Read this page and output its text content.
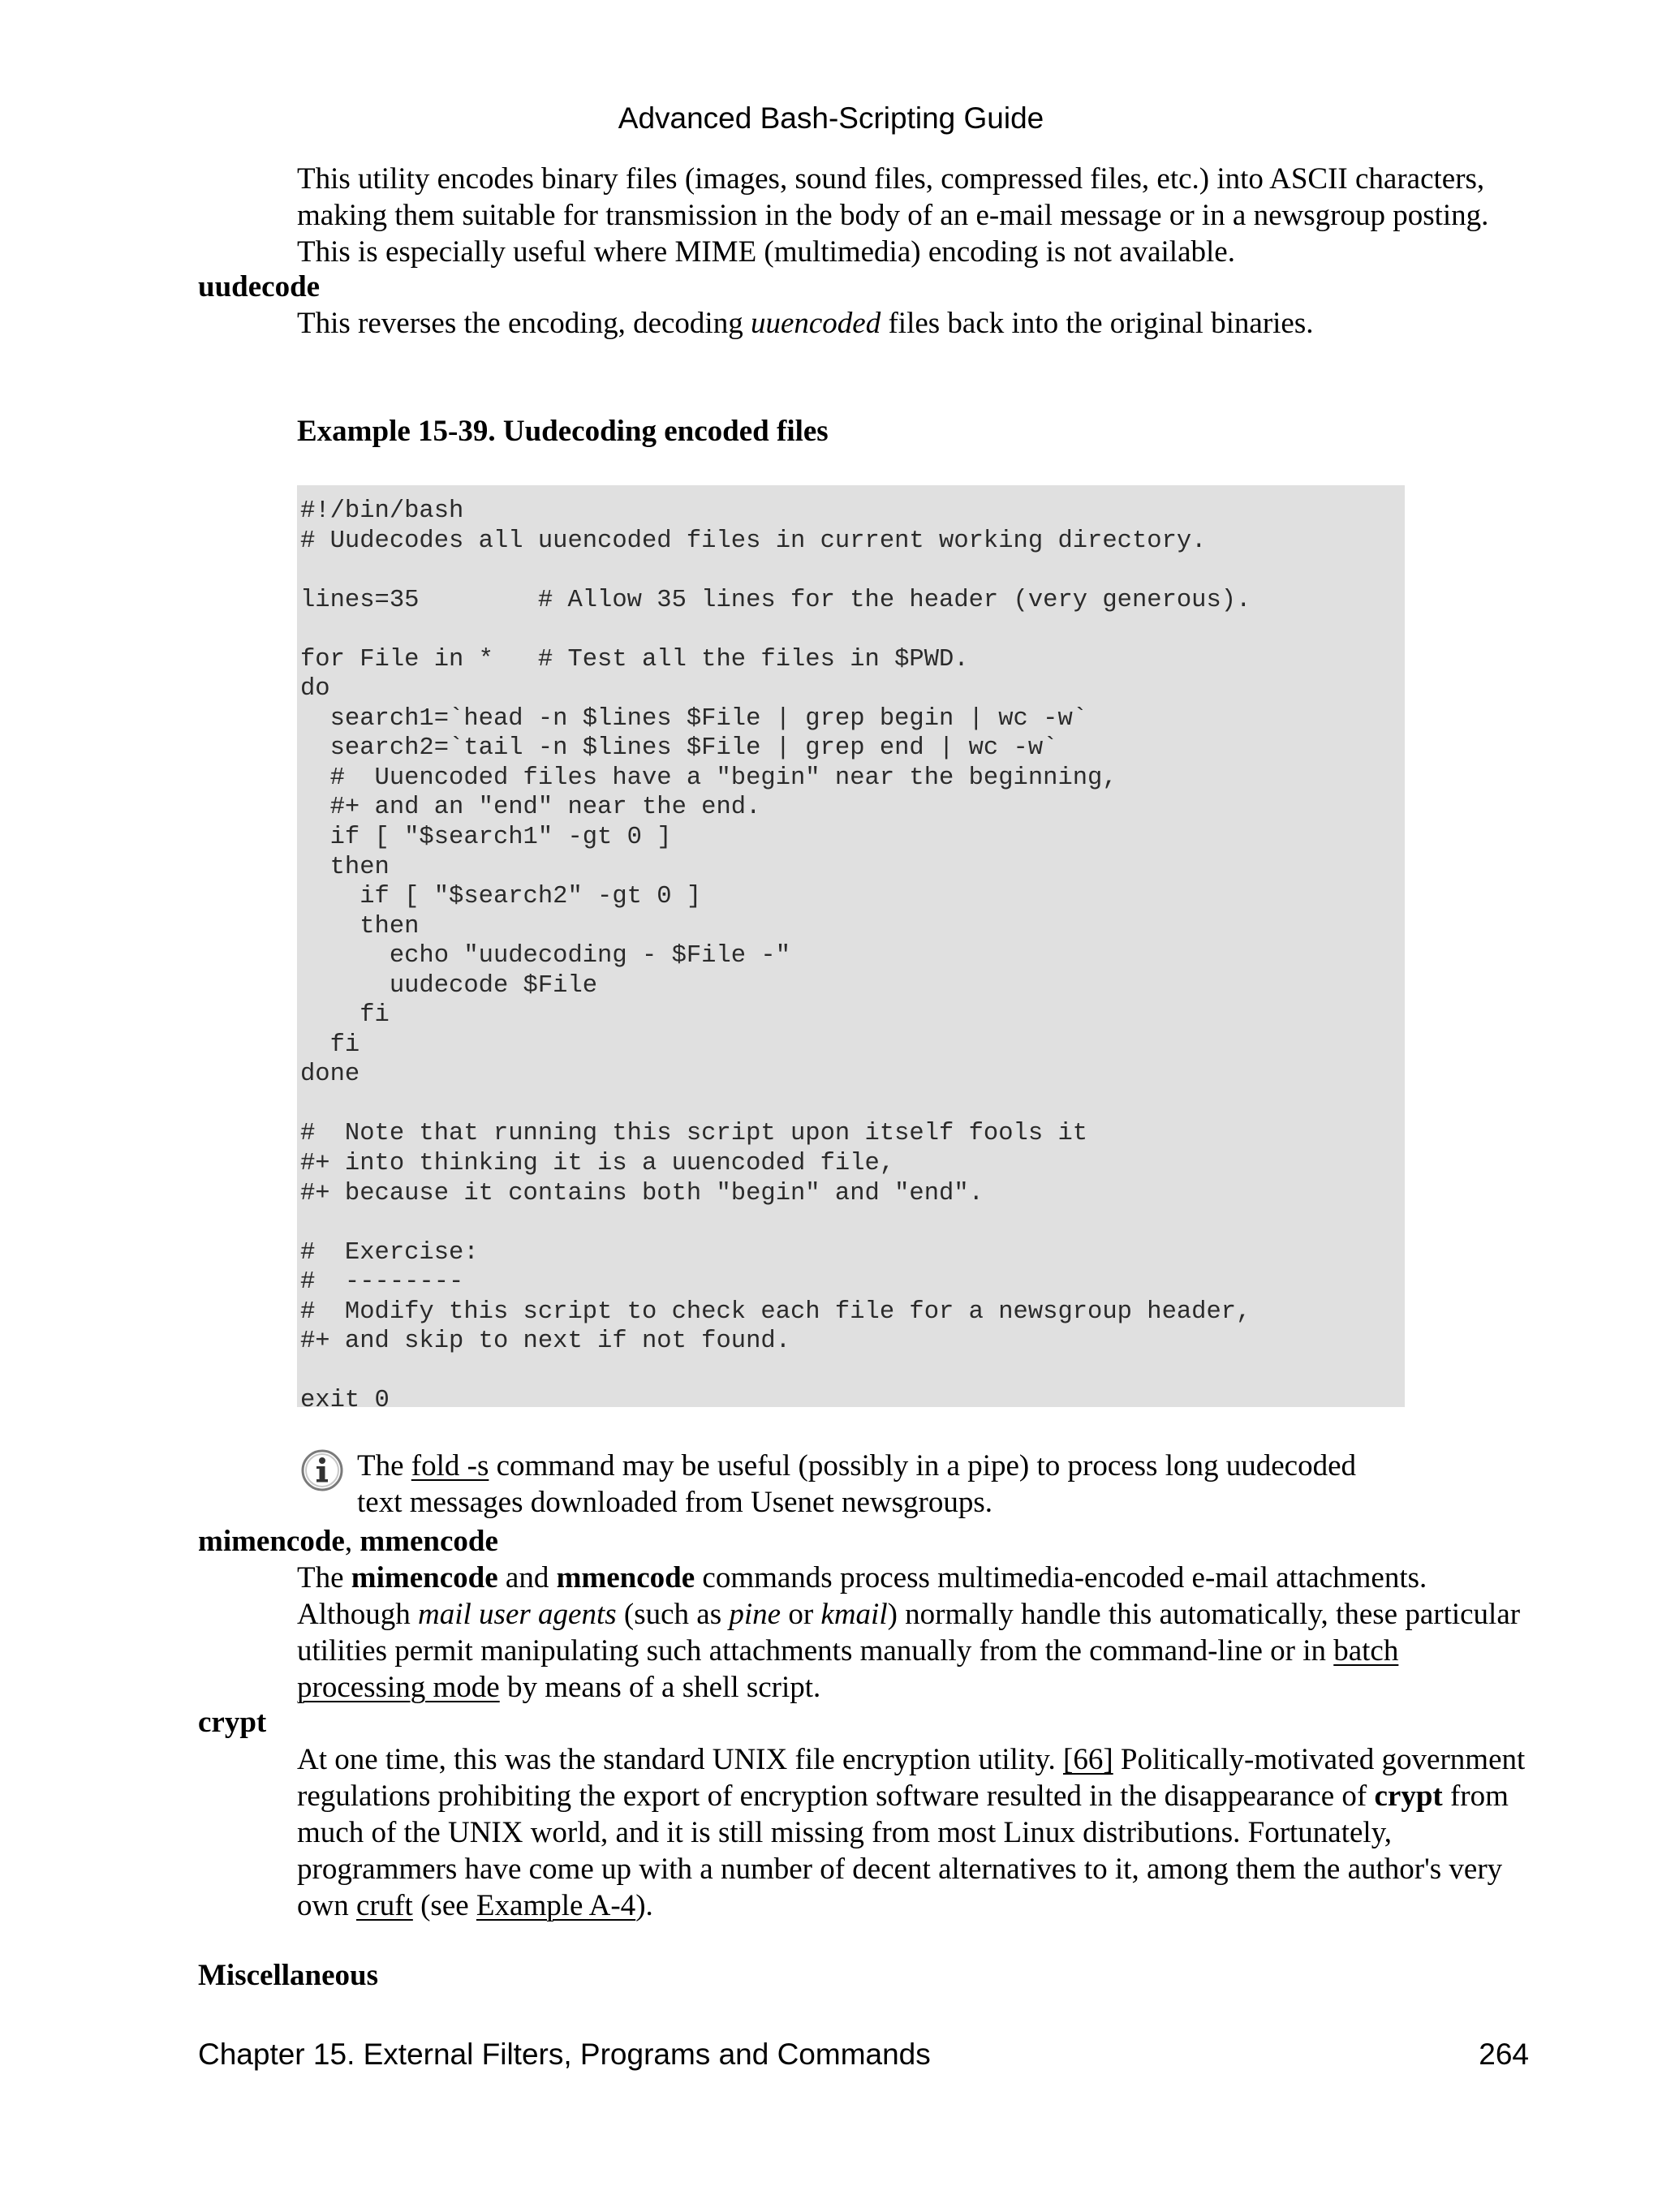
Advanced Bash-Scripting Guide

This utility encodes binary files (images, sound files, compressed files, etc.) into ASCII characters,

making them suitable for transmission in the body of an e-mail message or in a newsgroup posting.

This is especially useful where MIME (multimedia) encoding is not available.

uudecode
This reverses the encoding, decoding uuencoded files back into the original binaries.
Example 15-39. Uudecoding encoded files
#!/bin/bash
# Uudecodes all uuencoded files in current working directory.

lines=35        # Allow 35 lines for the header (very generous).

for File in *   # Test all the files in $PWD.
do
search1=`head -n $lines $File | grep begin | wc -w`
search2=`tail -n $lines $File | grep end | wc -w`
#  Uuencoded files have a "begin" near the beginning,
#+ and an "end" near the end.
if [ "$search1" -gt 0 ]
then
if [ "$search2" -gt 0 ]
then
echo "uudecoding - $File -"
uudecode $File
fi
fi
done

#  Note that running this script upon itself fools it
#+ into thinking it is a uuencoded file,
#+ because it contains both "begin" and "end".

#  Exercise:
#  --------
#  Modify this script to check each file for a newsgroup header,
#+ and skip to next if not found.

exit 0

The fold -s command may be useful (possibly in a pipe) to process long uudecoded

text messages downloaded from Usenet newsgroups.

mimencode, mmencode

The mimencode and mmencode commands process multimedia-encoded e-mail attachments.

Although mail user agents (such as pine or kmail) normally handle this automatically, these particular

utilities permit manipulating such attachments manually from the command-line or in batch

processing mode by means of a shell script.

crypt

At one time, this was the standard UNIX file encryption utility. [66] Politically-motivated government

regulations prohibiting the export of encryption software resulted in the disappearance of crypt from

much of the UNIX world, and it is still missing from most Linux distributions. Fortunately,

programmers have come up with a number of decent alternatives to it, among them the author's very

own cruft (see Example A-4).

Miscellaneous
Chapter 15. External Filters, Programs and Commands	264
